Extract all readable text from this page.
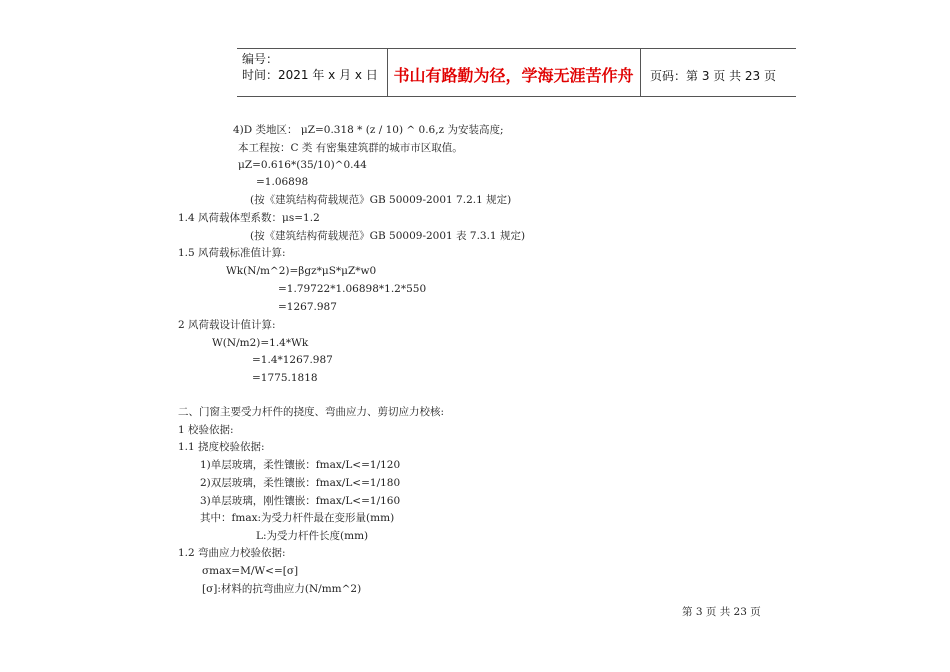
编号：
时间：2021 年 x 月 x 日 书山有路勤为径，学海无涯苦作舟	页码：第 3 页 共 23 页
4)D 类地区： μZ=0.318 * (z / 10) ^ 0.6,z 为安装高度;
本工程按：C 类 有密集建筑群的城市市区取值。
μZ=0.616*(35/10)^0.44
=1.06898
(按《建筑结构荷载规范》GB 50009-2001 7.2.1 规定)
1.4 风荷载体型系数：μs=1.2
(按《建筑结构荷载规范》GB 50009-2001 表 7.3.1 规定)
1.5 风荷载标准值计算:
Wk(N/m^2)=βgz*μS*μZ*w0
=1.79722*1.06898*1.2*550
=1267.987
2 风荷载设计值计算:
W(N/m2)=1.4*Wk
=1.4*1267.987
=1775.1818
二、门窗主要受力杆件的挠度、弯曲应力、剪切应力校核:
1 校验依据:
1.1 挠度校验依据:
1)单层玻璃，柔性镶嵌：fmax/L<=1/120
2)双层玻璃，柔性镶嵌：fmax/L<=1/180
3)单层玻璃，刚性镶嵌：fmax/L<=1/160
其中：fmax:为受力杆件最在变形量(mm)
L:为受力杆件长度(mm)
1.2 弯曲应力校验依据:
σmax=M/W<=[σ]
[σ]:材料的抗弯曲应力(N/mm^2)
第 3 页 共 23 页
